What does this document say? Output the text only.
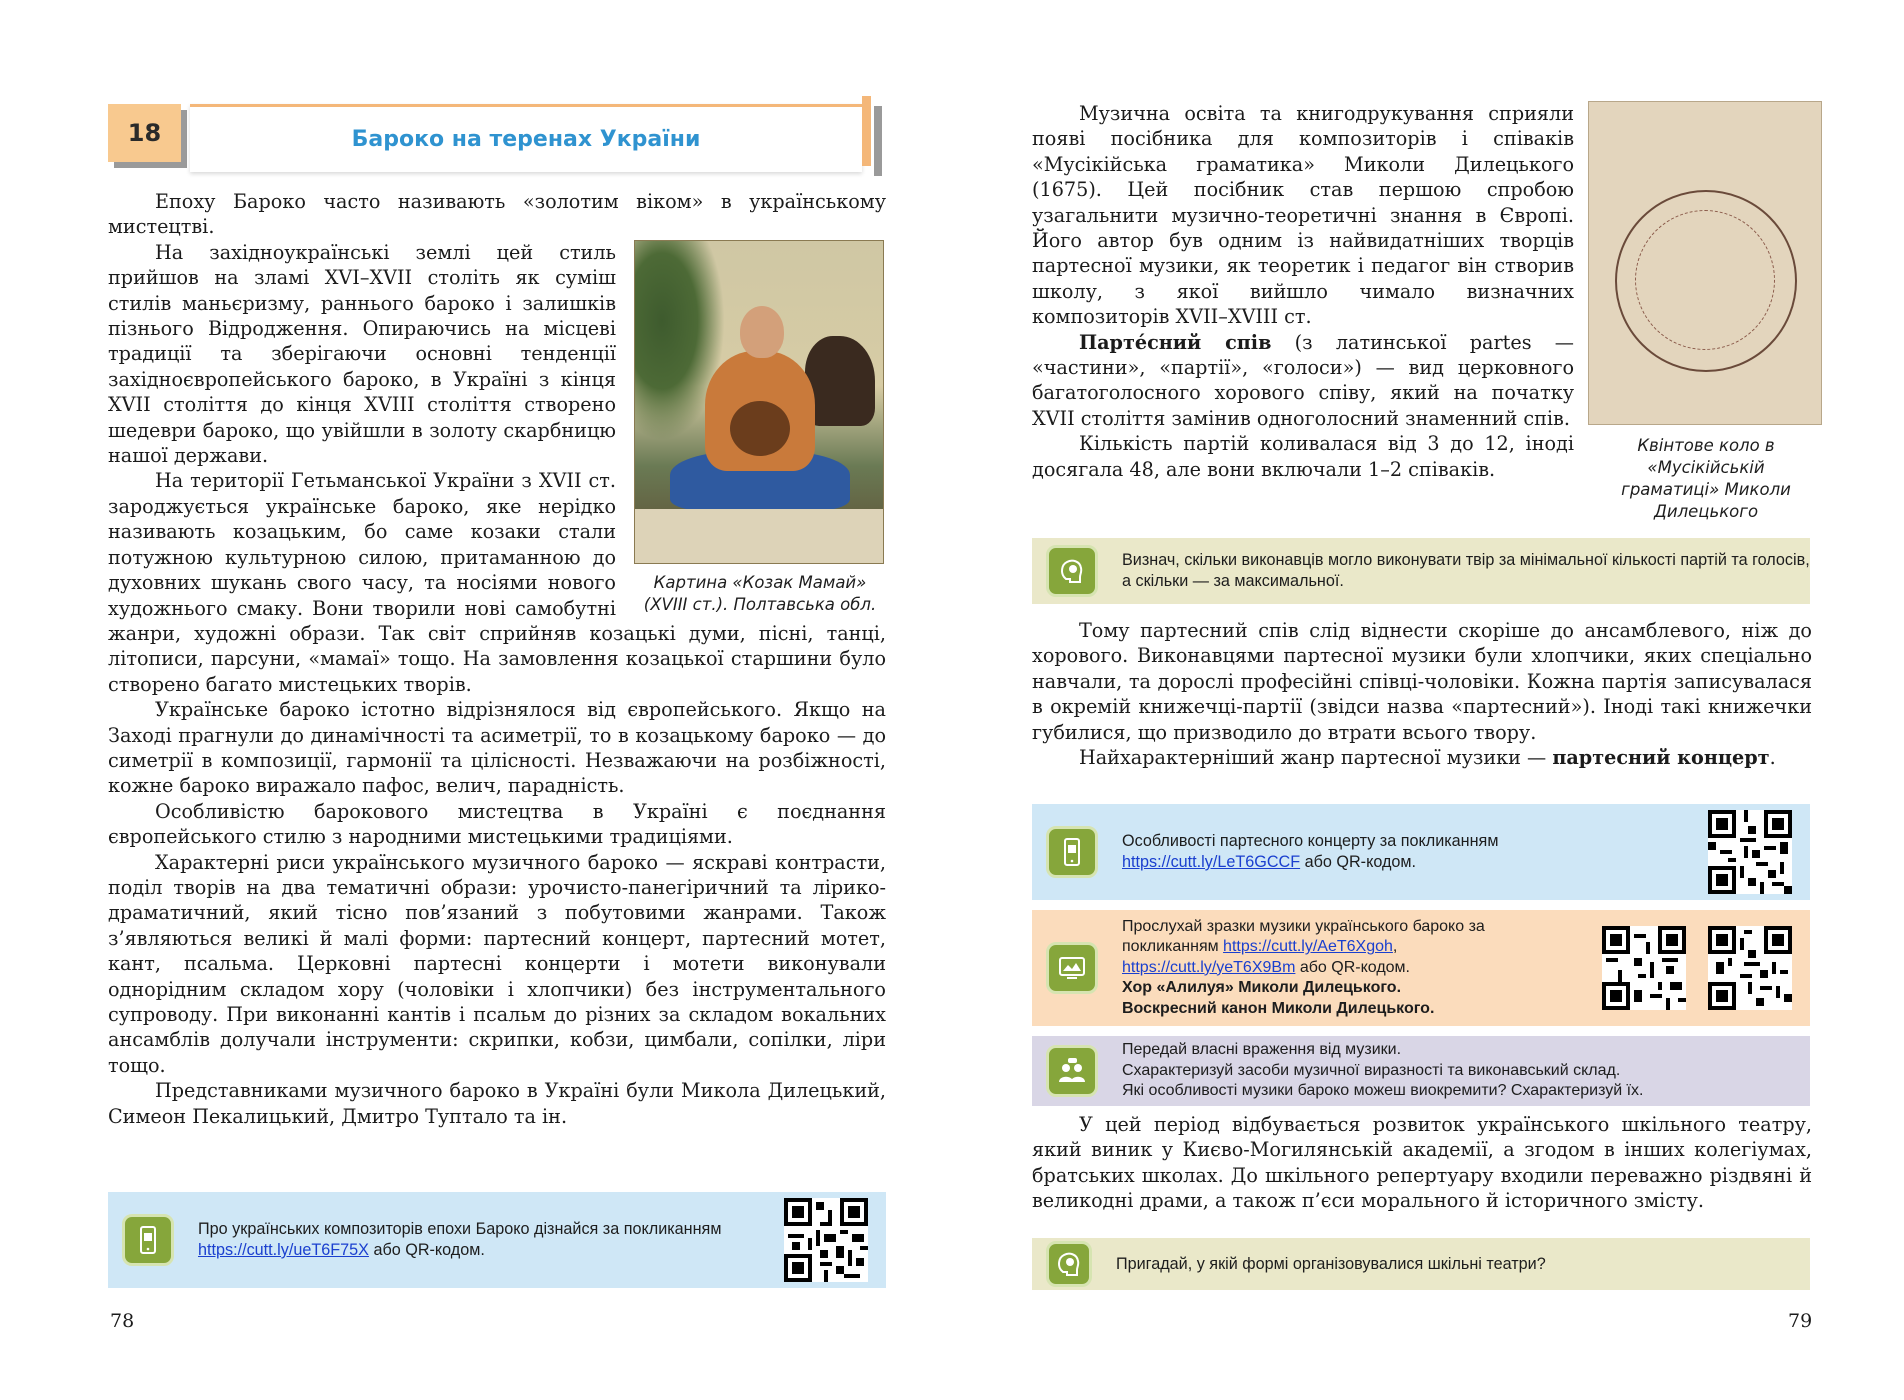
18	Бароко на теренах України

Епоху Бароко часто називають «золотим віком» в українському мистецтві.

Картина «Козак Мамай» (XVIII ст.). Полтавська обл.

На західноукраїнські землі цей стиль прийшов на зламі XVI–XVII століть як суміш стилів маньєризму, раннього бароко і залишків пізнього Відродження. Опираючись на місцеві традиції та зберігаючи основні тенденції західноєвропейського бароко, в Україні з кінця XVII століття до кінця XVIII століття створено шедеври бароко, що увійшли в золоту скарбницю нашої держави.

На території Гетьманської України з XVII ст. зароджується українське бароко, яке нерідко називають козацьким, бо саме козаки стали потужною культурною силою, притаманною до духовних шукань свого часу, та носіями нового художнього смаку. Вони творили нові самобутні жанри, художні образи. Так світ сприйняв козацькі думи, пісні, танці, літописи, парсуни, «мамаї» тощо. На замовлення козацької старшини було створено багато мистецьких творів.

Українське бароко істотно відрізнялося від європейського. Якщо на Заході прагнули до динамічності та асиметрії, то в козацькому бароко — до симетрії в композиції, гармонії та цілісності. Незважаючи на розбіжності, кожне бароко виражало пафос, велич, парадність.

Особливістю барокового мистецтва в Україні є поєднання європейського стилю з народними мистецькими традиціями.

Характерні риси українського музичного бароко — яскраві контрасти, поділ творів на два тематичні образи: урочисто-панегіричний та лірико-драматичний, який тісно пов’язаний з побутовими жанрами. Також з’являються великі й малі форми: партесний концерт, партесний мотет, кант, псальма. Церковні партесні концерти і мотети виконували однорідним складом хору (чоловіки і хлопчики) без інструментального супроводу. При виконанні кантів і псальм до різних за складом вокальних ансамблів долучали інструменти: скрипки, кобзи, цимбали, сопілки, ліри тощо.

Представниками музичного бароко в Україні були Микола Дилецький, Симеон Пекалицький, Дмитро Туптало та ін.

Про українських композиторів епохи Бароко дізнайся за покликанням https://cutt.ly/ueT6F75X або QR-кодом.
78
Квінтове коло в «Мусікійській граматиці» Миколи Дилецького

Музична освіта та книгодрукування сприяли появі посібника для композиторів і співаків «Мусікійська граматика» Миколи Дилецького (1675). Цей посібник став першою спробою узагальнити музично-теоретичні знання в Європі. Його автор був одним із найвидатніших творців партесної музики, як теоретик і педагог він створив школу, з якої вийшло чимало визначних композиторів XVII–XVIII ст.

Парте́сний спів (з латинської partes — «частини», «партії», «голоси») — вид церковного багатоголосного хорового співу, який на початку XVII століття замінив одноголосний знаменний спів.

Кількість партій коливалася від 3 до 12, іноді досягала 48, але вони включали 1–2 співаків.

Визнач, скільки виконавців могло виконувати твір за мінімальної кількості партій та голосів, а скільки — за максимальної.

Тому партесний спів слід віднести скоріше до ансамблевого, ніж до хорового. Виконавцями партесної музики були хлопчики, яких спеціально навчали, та дорослі професійні співці-чоловіки. Кожна партія записувалася в окремій книжечці-партії (звідси назва «партесний»). Іноді такі книжечки губилися, що призводило до втрати всього твору.

Найхарактерніший жанр партесної музики — партесний концерт.

Особливості партесного концерту за покликанням
https://cutt.ly/LeT6GCCF або QR-кодом.
Прослухай зразки музики українського бароко за
покликанням https://cutt.ly/AeT6Xgoh,
https://cutt.ly/yeT6X9Bm або QR-кодом.
Хор «Алилуя» Миколи Дилецького.
Воскресний канон Миколи Дилецького.
Передай власні враження від музики.
Схарактеризуй засоби музичної виразності та виконавський склад.
Які особливості музики бароко можеш виокремити? Схарактеризуй їх.

У цей період відбувається розвиток українського шкільного театру, який виник у Києво-Могилянській академії, а згодом в інших колегіумах, братських школах. До шкільного репертуару входили переважно різдвяні й великодні драми, а також п’єси морального й історичного змісту.

Пригадай, у якій формі організовувалися шкільні театри?
79
